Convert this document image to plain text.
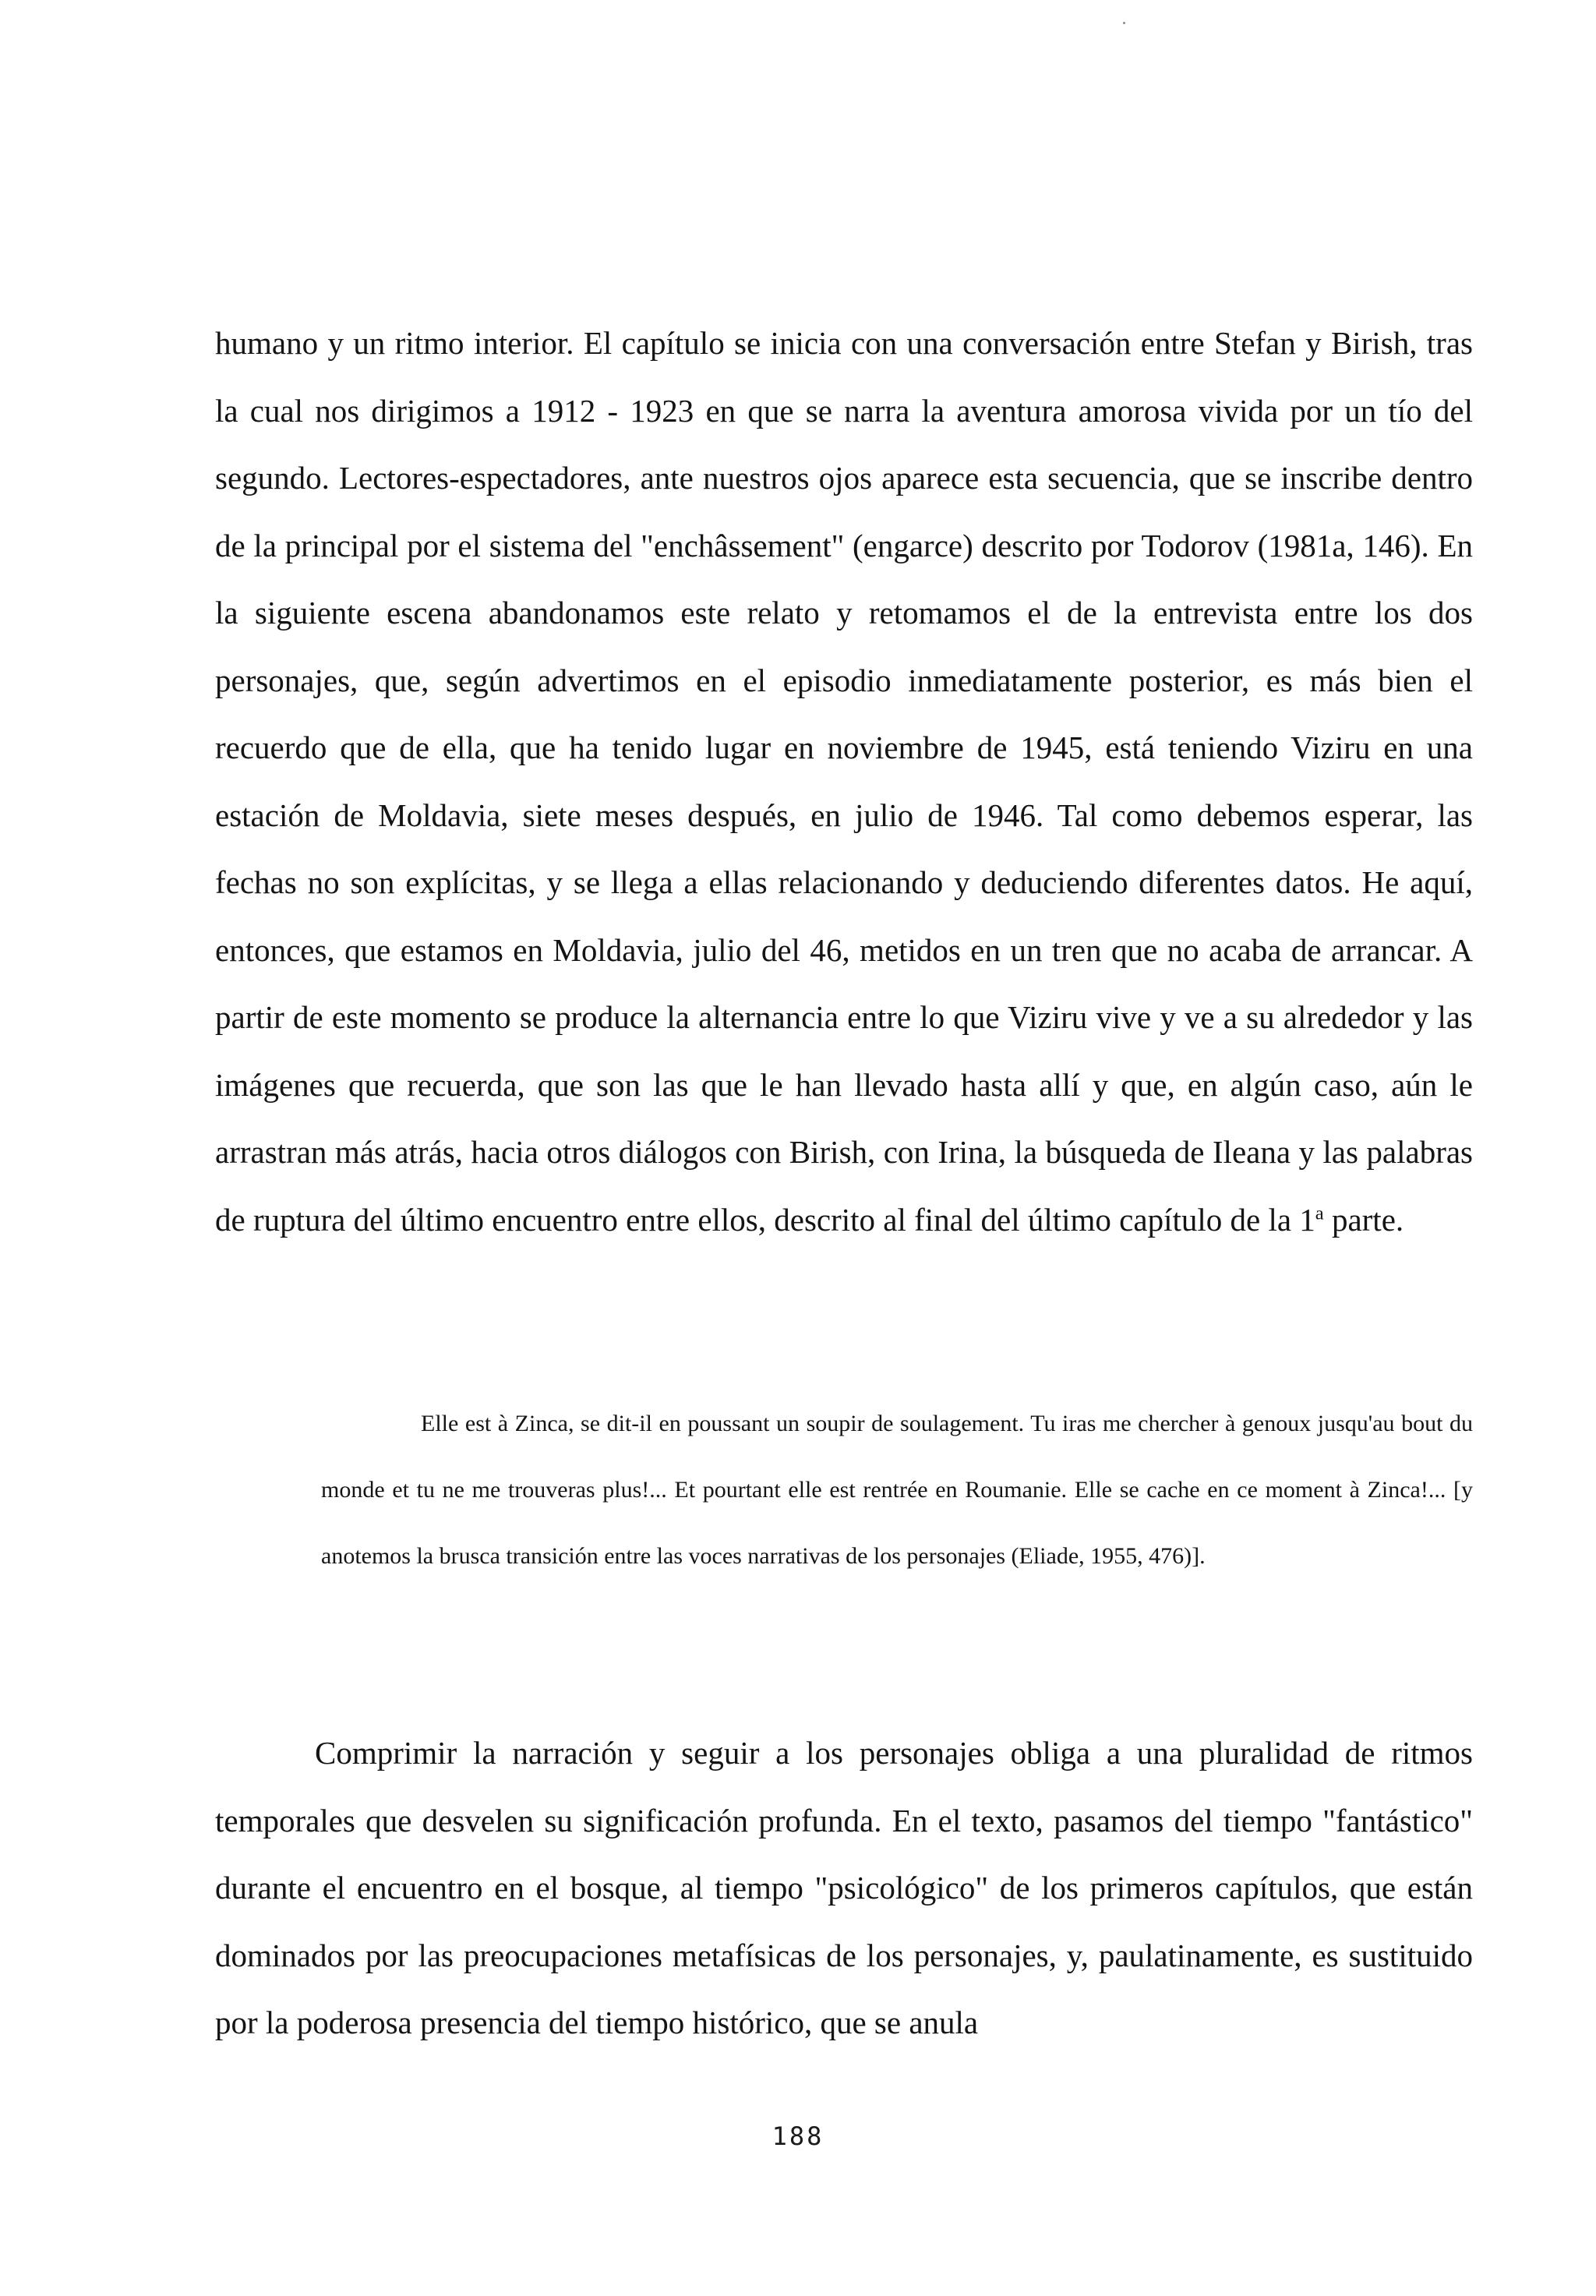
humano y un ritmo interior. El capítulo se inicia con una conversación entre Stefan y Birish, tras la cual nos dirigimos a 1912 - 1923 en que se narra la aventura amorosa vivida por un tío del segundo. Lectores-espectadores, ante nuestros ojos aparece esta secuencia, que se inscribe dentro de la principal por el sistema del "enchâssement" (engarce) descrito por Todorov (1981a, 146). En la siguiente escena abandonamos este relato y retomamos el de la entrevista entre los dos personajes, que, según advertimos en el episodio inmediatamente posterior, es más bien el recuerdo que de ella, que ha tenido lugar en noviembre de 1945, está teniendo Viziru en una estación de Moldavia, siete meses después, en julio de 1946. Tal como debemos esperar, las fechas no son explícitas, y se llega a ellas relacionando y deduciendo diferentes datos. He aquí, entonces, que estamos en Moldavia, julio del 46, metidos en un tren que no acaba de arrancar. A partir de este momento se produce la alternancia entre lo que Viziru vive y ve a su alrededor y las imágenes que recuerda, que son las que le han llevado hasta allí y que, en algún caso, aún le arrastran más atrás, hacia otros diálogos con Birish, con Irina, la búsqueda de Ileana y las palabras de ruptura del último encuentro entre ellos, descrito al final del último capítulo de la 1$^a$ parte.

Elle est à Zinca, se dit-il en poussant un soupir de soulagement. Tu iras me chercher à genoux jusqu'au bout du monde et tu ne me trouveras plus!... Et pourtant elle est rentrée en Roumanie. Elle se cache en ce moment à Zinca!... [y anotemos la brusca transición entre las voces narrativas de los personajes (Eliade, 1955, 476)].

Comprimir la narración y seguir a los personajes obliga a una pluralidad de ritmos temporales que desvelen su significación profunda. En el texto, pasamos del tiempo "fantástico" durante el encuentro en el bosque, al tiempo "psicológico" de los primeros capítulos, que están dominados por las preocupaciones metafísicas de los personajes, y, paulatinamente, es sustituido por la poderosa presencia del tiempo histórico, que se anula

188
